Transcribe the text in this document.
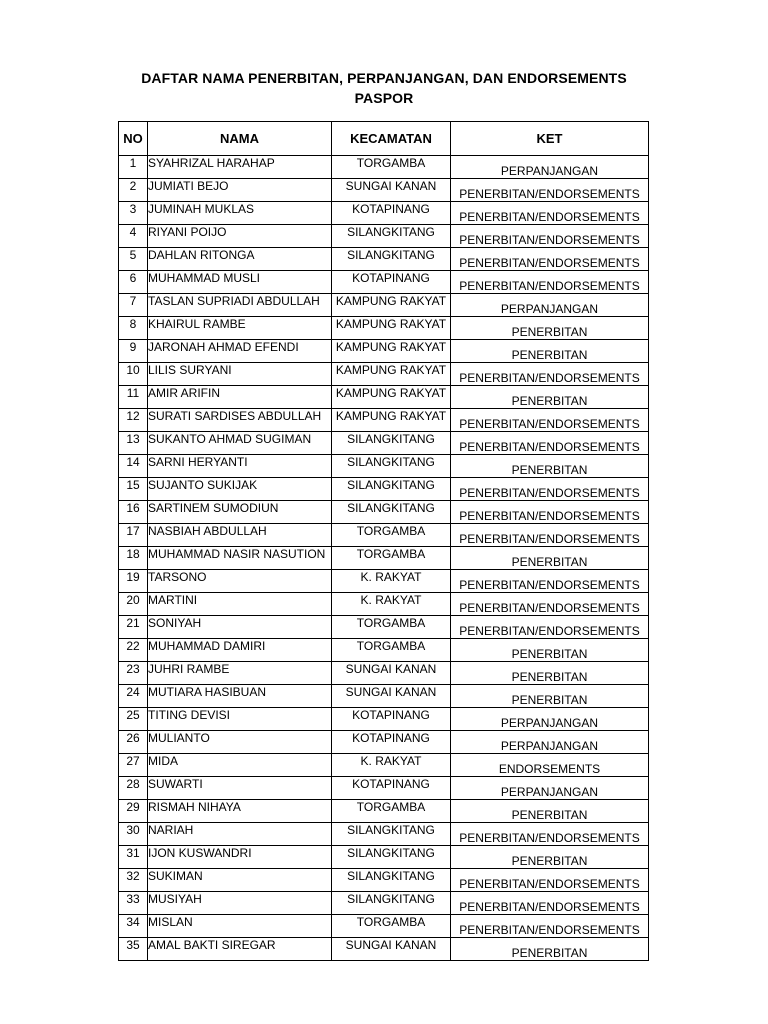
DAFTAR NAMA PENERBITAN, PERPANJANGAN, DAN ENDORSEMENTS
PASPOR
NO	NAMA	KECAMATAN	KET
1	SYAHRIZAL HARAHAP	TORGAMBA	PERPANJANGAN
2	JUMIATI BEJO	SUNGAI KANAN	PENERBITAN/ENDORSEMENTS
3	JUMINAH MUKLAS	KOTAPINANG	PENERBITAN/ENDORSEMENTS
4	RIYANI POIJO	SILANGKITANG	PENERBITAN/ENDORSEMENTS
5	DAHLAN RITONGA	SILANGKITANG	PENERBITAN/ENDORSEMENTS
6	MUHAMMAD MUSLI	KOTAPINANG	PENERBITAN/ENDORSEMENTS
7	TASLAN SUPRIADI ABDULLAH	KAMPUNG RAKYAT	PERPANJANGAN
8	KHAIRUL RAMBE	KAMPUNG RAKYAT	PENERBITAN
9	JARONAH AHMAD EFENDI	KAMPUNG RAKYAT	PENERBITAN
10	LILIS SURYANI	KAMPUNG RAKYAT	PENERBITAN/ENDORSEMENTS
11	AMIR ARIFIN	KAMPUNG RAKYAT	PENERBITAN
12	SURATI SARDISES ABDULLAH	KAMPUNG RAKYAT	PENERBITAN/ENDORSEMENTS
13	SUKANTO AHMAD SUGIMAN	SILANGKITANG	PENERBITAN/ENDORSEMENTS
14	SARNI HERYANTI	SILANGKITANG	PENERBITAN
15	SUJANTO SUKIJAK	SILANGKITANG	PENERBITAN/ENDORSEMENTS
16	SARTINEM SUMODIUN	SILANGKITANG	PENERBITAN/ENDORSEMENTS
17	NASBIAH ABDULLAH	TORGAMBA	PENERBITAN/ENDORSEMENTS
18	MUHAMMAD NASIR NASUTION	TORGAMBA	PENERBITAN
19	TARSONO	K. RAKYAT	PENERBITAN/ENDORSEMENTS
20	MARTINI	K. RAKYAT	PENERBITAN/ENDORSEMENTS
21	SONIYAH	TORGAMBA	PENERBITAN/ENDORSEMENTS
22	MUHAMMAD DAMIRI	TORGAMBA	PENERBITAN
23	JUHRI RAMBE	SUNGAI KANAN	PENERBITAN
24	MUTIARA HASIBUAN	SUNGAI KANAN	PENERBITAN
25	TITING DEVISI	KOTAPINANG	PERPANJANGAN
26	MULIANTO	KOTAPINANG	PERPANJANGAN
27	MIDA	K. RAKYAT	ENDORSEMENTS
28	SUWARTI	KOTAPINANG	PERPANJANGAN
29	RISMAH NIHAYA	TORGAMBA	PENERBITAN
30	NARIAH	SILANGKITANG	PENERBITAN/ENDORSEMENTS
31	IJON KUSWANDRI	SILANGKITANG	PENERBITAN
32	SUKIMAN	SILANGKITANG	PENERBITAN/ENDORSEMENTS
33	MUSIYAH	SILANGKITANG	PENERBITAN/ENDORSEMENTS
34	MISLAN	TORGAMBA	PENERBITAN/ENDORSEMENTS
35	AMAL BAKTI SIREGAR	SUNGAI KANAN	PENERBITAN
